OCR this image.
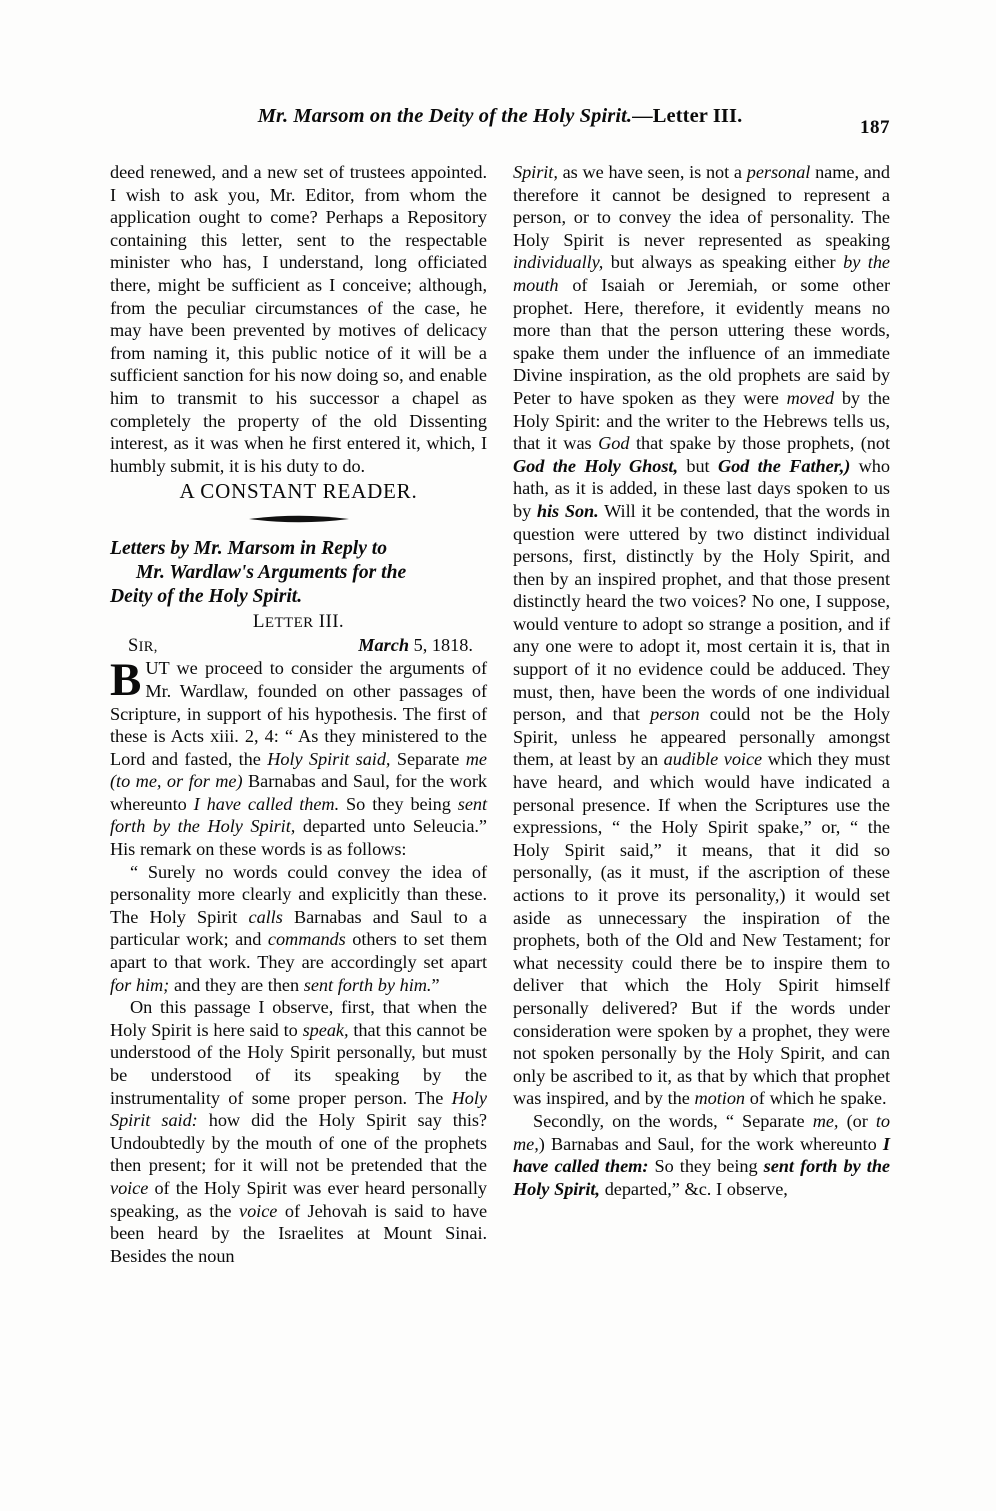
Mr. Marsom on the Deity of the Holy Spirit.—Letter III.
187

deed renewed, and a new set of trustees appointed. I wish to ask you, Mr. Editor, from whom the application ought to come? Perhaps a Repository containing this letter, sent to the respectable minister who has, I understand, long officiated there, might be sufficient as I conceive; although, from the peculiar circumstances of the case, he may have been prevented by motives of delicacy from naming it, this public notice of it will be a sufficient sanction for his now doing so, and enable him to transmit to his successor a chapel as completely the property of the old Dissenting interest, as it was when he first entered it, which, I humbly submit, it is his duty to do.

A CONSTANT READER.
Letters by Mr. Marsom in Reply to
Mr. Wardlaw's Arguments for the
Deity of the Holy Spirit.
LETTER III.
SIR,	March 5, 1818.
B UT we proceed to consider the arguments of Mr. Wardlaw, founded on other passages of Scripture, in support of his hypothesis. The first of these is Acts xiii. 2, 4: “ As they ministered to the Lord and fasted, the Holy Spirit said, Separate me (to me, or for me) Barnabas and Saul, for the work whereunto I have called them. So they being sent forth by the Holy Spirit, departed unto Seleucia.” His remark on these words is as follows:

“ Surely no words could convey the idea of personality more clearly and explicitly than these. The Holy Spirit calls Barnabas and Saul to a particular work; and commands others to set them apart to that work. They are accordingly set apart for him; and they are then sent forth by him.”

On this passage I observe, first, that when the Holy Spirit is here said to speak, that this cannot be understood of the Holy Spirit personally, but must be understood of its speaking by the instrumentality of some proper person. The Holy Spirit said: how did the Holy Spirit say this? Undoubtedly by the mouth of one of the prophets then present; for it will not be pretended that the voice of the Holy Spirit was ever heard personally speaking, as the voice of Jehovah is said to have been heard by the Israelites at Mount Sinai. Besides the noun

Spirit, as we have seen, is not a personal name, and therefore it cannot be designed to represent a person, or to convey the idea of personality. The Holy Spirit is never represented as speaking individually, but always as speaking either by the mouth of Isaiah or Jeremiah, or some other prophet. Here, therefore, it evidently means no more than that the person uttering these words, spake them under the influence of an immediate Divine inspiration, as the old prophets are said by Peter to have spoken as they were moved by the Holy Spirit: and the writer to the Hebrews tells us, that it was God that spake by those prophets, (not God the Holy Ghost, but God the Father,) who hath, as it is added, in these last days spoken to us by his Son. Will it be contended, that the words in question were uttered by two distinct individual persons, first, distinctly by the Holy Spirit, and then by an inspired prophet, and that those present distinctly heard the two voices? No one, I suppose, would venture to adopt so strange a position, and if any one were to adopt it, most certain it is, that in support of it no evidence could be adduced. They must, then, have been the words of one individual person, and that person could not be the Holy Spirit, unless he appeared personally amongst them, at least by an audible voice which they must have heard, and which would have indicated a personal presence. If when the Scriptures use the expressions, “ the Holy Spirit spake,” or, “ the Holy Spirit said,” it means, that it did so personally, (as it must, if the ascription of these actions to it prove its personality,) it would set aside as unnecessary the inspiration of the prophets, both of the Old and New Testament; for what necessity could there be to inspire them to deliver that which the Holy Spirit himself personally delivered? But if the words under consideration were spoken by a prophet, they were not spoken personally by the Holy Spirit, and can only be ascribed to it, as that by which that prophet was inspired, and by the motion of which he spake.

Secondly, on the words, “ Separate me, (or to me,) Barnabas and Saul, for the work whereunto I have called them: So they being sent forth by the Holy Spirit, departed,” &c. I observe,
